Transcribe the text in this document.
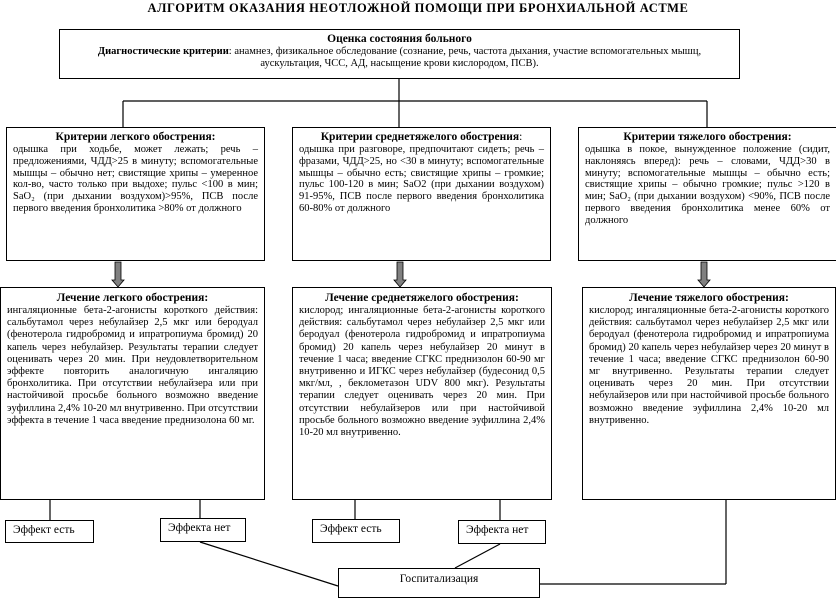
АЛГОРИТМ ОКАЗАНИЯ НЕОТЛОЖНОЙ ПОМОЩИ ПРИ БРОНХИАЛЬНОЙ АСТМЕ
Оценка состояния больного
Диагностические критерии: анамнез, физикальное обследование (сознание, речь, частота дыхания, участие вспомогательных мышц, аускультация, ЧСС, АД, насыщение крови кислородом, ПСВ).
Критерии легкого обострения:
одышка при ходьбе, может лежать; речь – предложениями, ЧДД>25 в минуту; вспомогательные мышцы – обычно нет; свистящие хрипы – умеренное кол-во, часто только при выдохе; пульс <100 в мин; SaO₂ (при дыхании воздухом)>95%, ПСВ после первого введения бронхолитика >80% от должного
Критерии среднетяжелого обострения:
одышка при разговоре, предпочитают сидеть; речь – фразами, ЧДД>25, но <30 в минуту; вспомогательные мышцы – обычно есть; свистящие хрипы – громкие; пульс 100-120 в мин; SaO2 (при дыхании воздухом) 91-95%, ПСВ после первого введения бронхолитика 60-80% от должного
Критерии тяжелого обострения:
одышка в покое, вынужденное положение (сидит, наклоняясь вперед): речь – словами, ЧДД>30 в минуту; вспомогательные мышцы – обычно есть; свистящие хрипы – обычно громкие; пульс >120 в мин; SaO₂ (при дыхании воздухом) <90%, ПСВ после первого введения бронхолитика менее 60% от должного
Лечение легкого обострения:
ингаляционные бета-2-агонисты короткого действия: сальбутамол через небулайзер 2,5 мкг или беродуал (фенотерола гидробромид и ипратропиума бромид) 20 капель через небулайзер. Результаты терапии следует оценивать через 20 мин. При неудовлетворительном эффекте повторить аналогичную ингаляцию бронхолитика. При отсутствии небулайзера или при настойчивой просьбе больного возможно введение эуфиллина 2,4% 10-20 мл внутривенно. При отсутствии эффекта в течение 1 часа введение преднизолона 60 мг.
Лечение среднетяжелого обострения:
кислород; ингаляционные бета-2-агонисты короткого действия: сальбутамол через небулайзер 2,5 мкг или беродуал (фенотерола гидробромид и ипратропиума бромид) 20 капель через небулайзер 20 минут в течение 1 часа; введение СГКС преднизолон 60-90 мг внутривенно и ИГКС через небулайзер (будесонид 0,5 мкг/мл, , беклометазон UDV 800 мкг). Результаты терапии следует оценивать через 20 мин. При отсутствии небулайзеров или при настойчивой просьбе больного возможно введение эуфиллина 2,4% 10-20 мл внутривенно.
Лечение тяжелого обострения:
кислород; ингаляционные бета-2-агонисты короткого действия: сальбутамол через небулайзер 2,5 мкг или беродуал (фенотерола гидробромид и ипратропиума бромид) 20 капель через небулайзер через 20 минут в течение 1 часа; введение СГКС преднизолон 60-90 мг внутривенно. Результаты терапии следует оценивать через 20 мин. При отсутствии небулайзеров или при настойчивой просьбе больного возможно введение эуфиллина 2,4% 10-20 мл внутривенно.
Эффект есть	Эффекта нет	Эффект есть	Эффекта нет
Госпитализация
